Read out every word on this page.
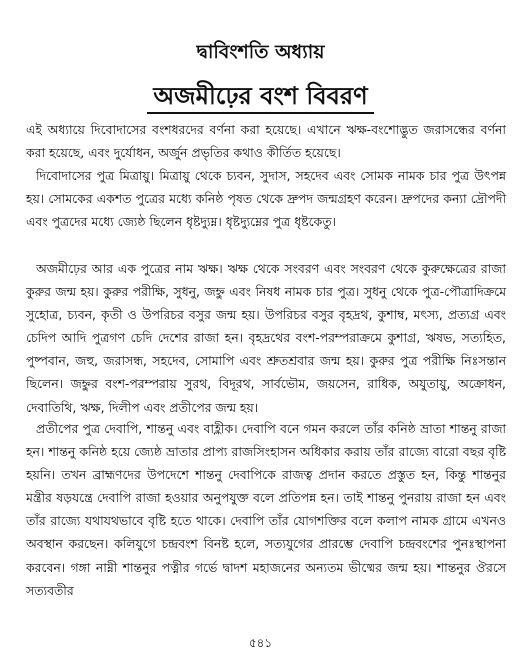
দ্বাবিংশতি অধ্যায়
অজমীঢ়ের বংশ বিবরণ

এই অধ্যায়ে দিবোদাসের বংশধরদের বর্ণনা করা হয়েছে। এখানে ঋক্ষ-বংশোদ্ভুত জরাসন্ধের বর্ণনা করা হয়েছে, এবং দুর্যোধন, অর্জুন প্রভৃতির কথাও কীর্তিত হয়েছে।

দিবোদাসের পুত্র মিত্রায়ু। মিত্রায়ু থেকে চ্যবন, সুদাস, সহদেব এবং সোমক নামক চার পুত্র উৎপন্ন হয়। সোমকের একশত পুত্রের মধ্যে কনিষ্ঠ পৃষত থেকে দ্রুপদ জন্মগ্রহণ করেন। দ্রুপদের কন্যা দ্রৌপদী এবং পুত্রদের মধ্যে জ্যেষ্ঠ ছিলেন ধৃষ্টদ্যুম্ন। ধৃষ্টদ্যুম্নের পুত্র ধৃষ্টকেতু।

অজমীঢ়ের আর এক পুত্রের নাম ঋক্ষ। ঋক্ষ থেকে সংবরণ এবং সংবরণ থেকে কুরুক্ষেত্রের রাজা কুরুর জন্ম হয়। কুরুর পরীক্ষি, সুধনু, জহ্নু এবং নিষধ নামক চার পুত্র। সুধনু থেকে পুত্র-পৌত্রাদিক্রমে সুহোত্র, চ্যবন, কৃতী ও উপরিচর বসুর জন্ম হয়। উপরিচর বসুর বৃহদ্রথ, কুশাম্ব, মৎস্য, প্রত্যগ্র এবং চেদিপ আদি পুত্রগণ চেদি দেশের রাজা হন। বৃহদ্রথের বংশ-পরম্পরাক্রমে কুশাগ্র, ঋষভ, সত্যহিত, পুষ্পবান, জহু, জরাসন্ধ, সহদেব, সোমাপি এবং শ্রুতশ্রবার জন্ম হয়। কুরুর পুত্র পরীক্ষি নিঃসন্তান ছিলেন। জহ্নুর বংশ-পরম্পরায় সুরথ, বিদূরথ, সার্বভৌম, জয়সেন, রাধিক, অযুতায়ু, অক্রোধন, দেবাতিথি, ঋক্ষ, দিলীপ এবং প্রতীপের জন্ম হয়।

প্রতীপের পুত্র দেবাপি, শান্তনু এবং বাহ্লীক। দেবাপি বনে গমন করলে তাঁর কনিষ্ঠ ভ্রাতা শান্তনু রাজা হন। শান্তনু কনিষ্ঠ হয়ে জ্যেষ্ঠ ভ্রাতার প্রাপ্য রাজসিংহাসন অধিকার করায় তাঁর রাজ্যে বারো বছর বৃষ্টি হয়নি। তখন ব্রাহ্মণদের উপদেশে শান্তনু দেবাপিকে রাজত্ব প্রদান করতে প্রস্তুত হন, কিন্তু শান্তনুর মন্ত্রীর ষড়যন্ত্রে দেবাপি রাজা হওয়ার অনুপযুক্ত বলে প্রতিপন্ন হন। তাই শান্তনু পুনরায় রাজা হন এবং তাঁর রাজ্যে যথাযথভাবে বৃষ্টি হতে থাকে। দেবাপি তাঁর যোগশক্তির বলে কলাপ নামক গ্রামে এখনও অবস্থান করছেন। কলিযুগে চন্দ্রবংশ বিনষ্ট হলে, সত্যযুগের প্রারম্ভে দেবাপি চন্দ্রবংশের পুনঃস্থাপনা করবেন। গঙ্গা নাম্নী শান্তনুর পত্নীর গর্ভে দ্বাদশ মহাজনের অন্যতম ভীষ্মের জন্ম হয়। শান্তনুর ঔরসে সত্যবতীর

৫৪১
